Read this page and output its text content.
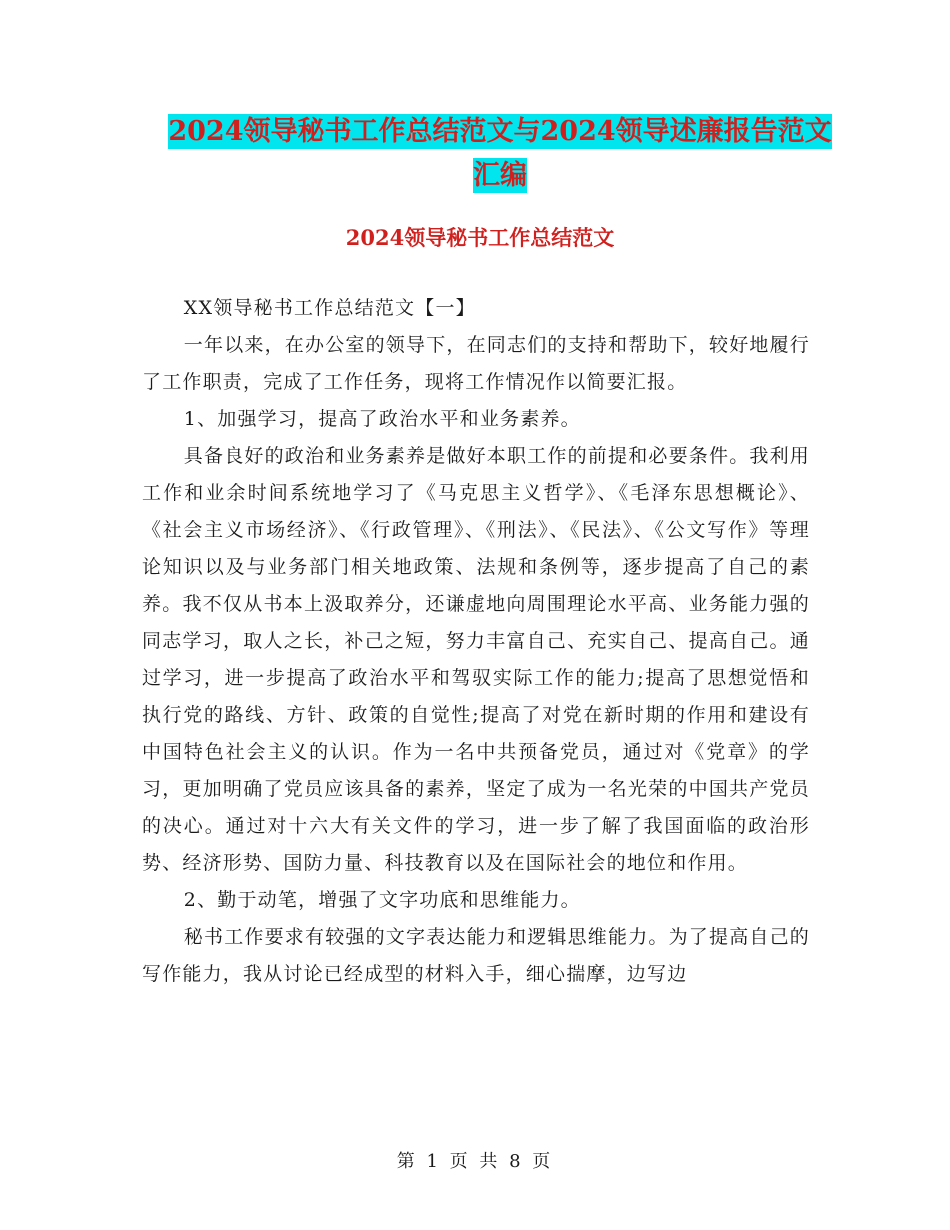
2024领导秘书工作总结范文与2024领导述廉报告范文
汇编
2024领导秘书工作总结范文

XX领导秘书工作总结范文【一】

一年以来，在办公室的领导下，在同志们的支持和帮助下，较好地履行了工作职责，完成了工作任务，现将工作情况作以简要汇报。

1、加强学习，提高了政治水平和业务素养。

具备良好的政治和业务素养是做好本职工作的前提和必要条件。我利用工作和业余时间系统地学习了《马克思主义哲学》、《毛泽东思想概论》、《社会主义市场经济》、《行政管理》、《刑法》、《民法》、《公文写作》等理论知识以及与业务部门相关地政策、法规和条例等，逐步提高了自己的素养。我不仅从书本上汲取养分，还谦虚地向周围理论水平高、业务能力强的同志学习，取人之长，补己之短，努力丰富自己、充实自己、提高自己。通过学习，进一步提高了政治水平和驾驭实际工作的能力;提高了思想觉悟和执行党的路线、方针、政策的自觉性;提高了对党在新时期的作用和建设有中国特色社会主义的认识。作为一名中共预备党员，通过对《党章》的学习，更加明确了党员应该具备的素养，坚定了成为一名光荣的中国共产党员的决心。通过对十六大有关文件的学习，进一步了解了我国面临的政治形势、经济形势、国防力量、科技教育以及在国际社会的地位和作用。

2、勤于动笔，增强了文字功底和思维能力。

秘书工作要求有较强的文字表达能力和逻辑思维能力。为了提高自己的写作能力，我从讨论已经成型的材料入手，细心揣摩，边写边

第 1 页 共 8 页
